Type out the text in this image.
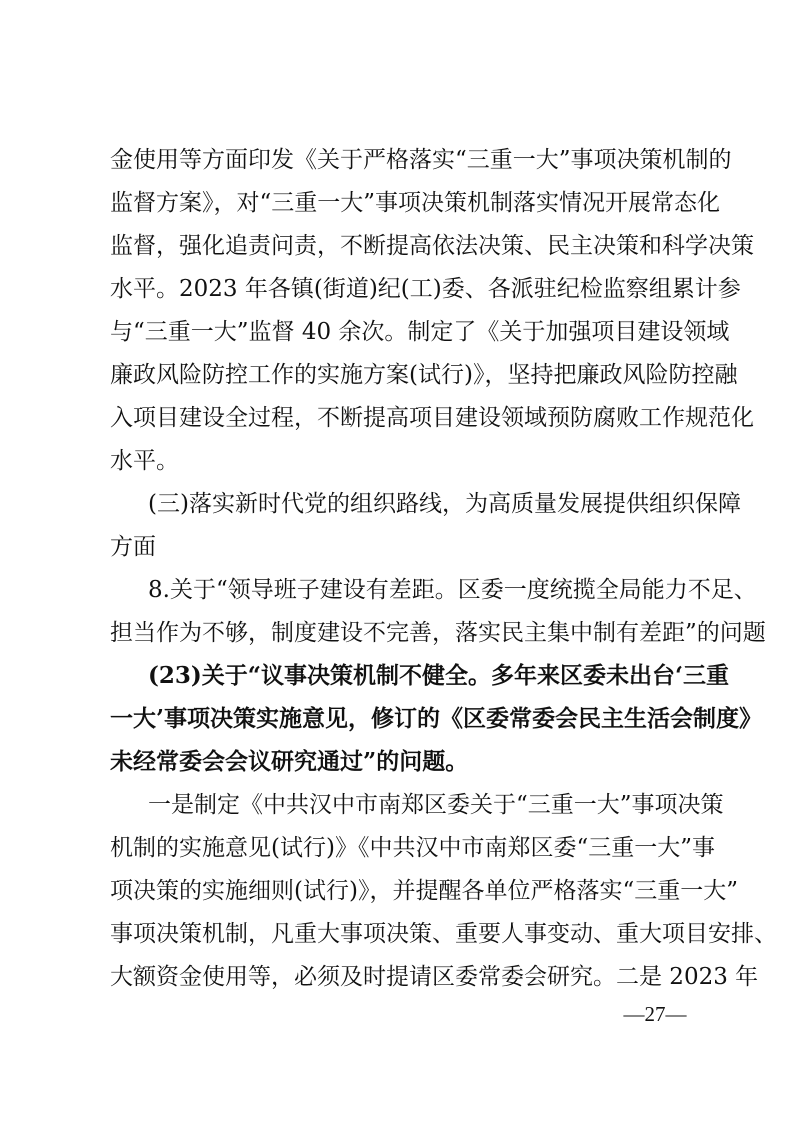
金使用等方面印发《关于严格落实“三重一大”事项决策机制的
监督方案》，对“三重一大”事项决策机制落实情况开展常态化
监督，强化追责问责，不断提高依法决策、民主决策和科学决策
水平。2023 年各镇(街道)纪(工)委、各派驻纪检监察组累计参
与“三重一大”监督 40 余次。制定了《关于加强项目建设领域
廉政风险防控工作的实施方案(试行)》，坚持把廉政风险防控融
入项目建设全过程，不断提高项目建设领域预防腐败工作规范化
水平。
(三)落实新时代党的组织路线，为高质量发展提供组织保障
方面
8.关于“领导班子建设有差距。区委一度统揽全局能力不足、
担当作为不够，制度建设不完善，落实民主集中制有差距”的问题
(23)关于“议事决策机制不健全。多年来区委未出台‘三重
一大’事项决策实施意见，修订的《区委常委会民主生活会制度》
未经常委会会议研究通过”的问题。
一是制定《中共汉中市南郑区委关于“三重一大”事项决策
机制的实施意见(试行)》《中共汉中市南郑区委“三重一大”事
项决策的实施细则(试行)》，并提醒各单位严格落实“三重一大”
事项决策机制，凡重大事项决策、重要人事变动、重大项目安排、
大额资金使用等，必须及时提请区委常委会研究。二是 2023 年
—27—
